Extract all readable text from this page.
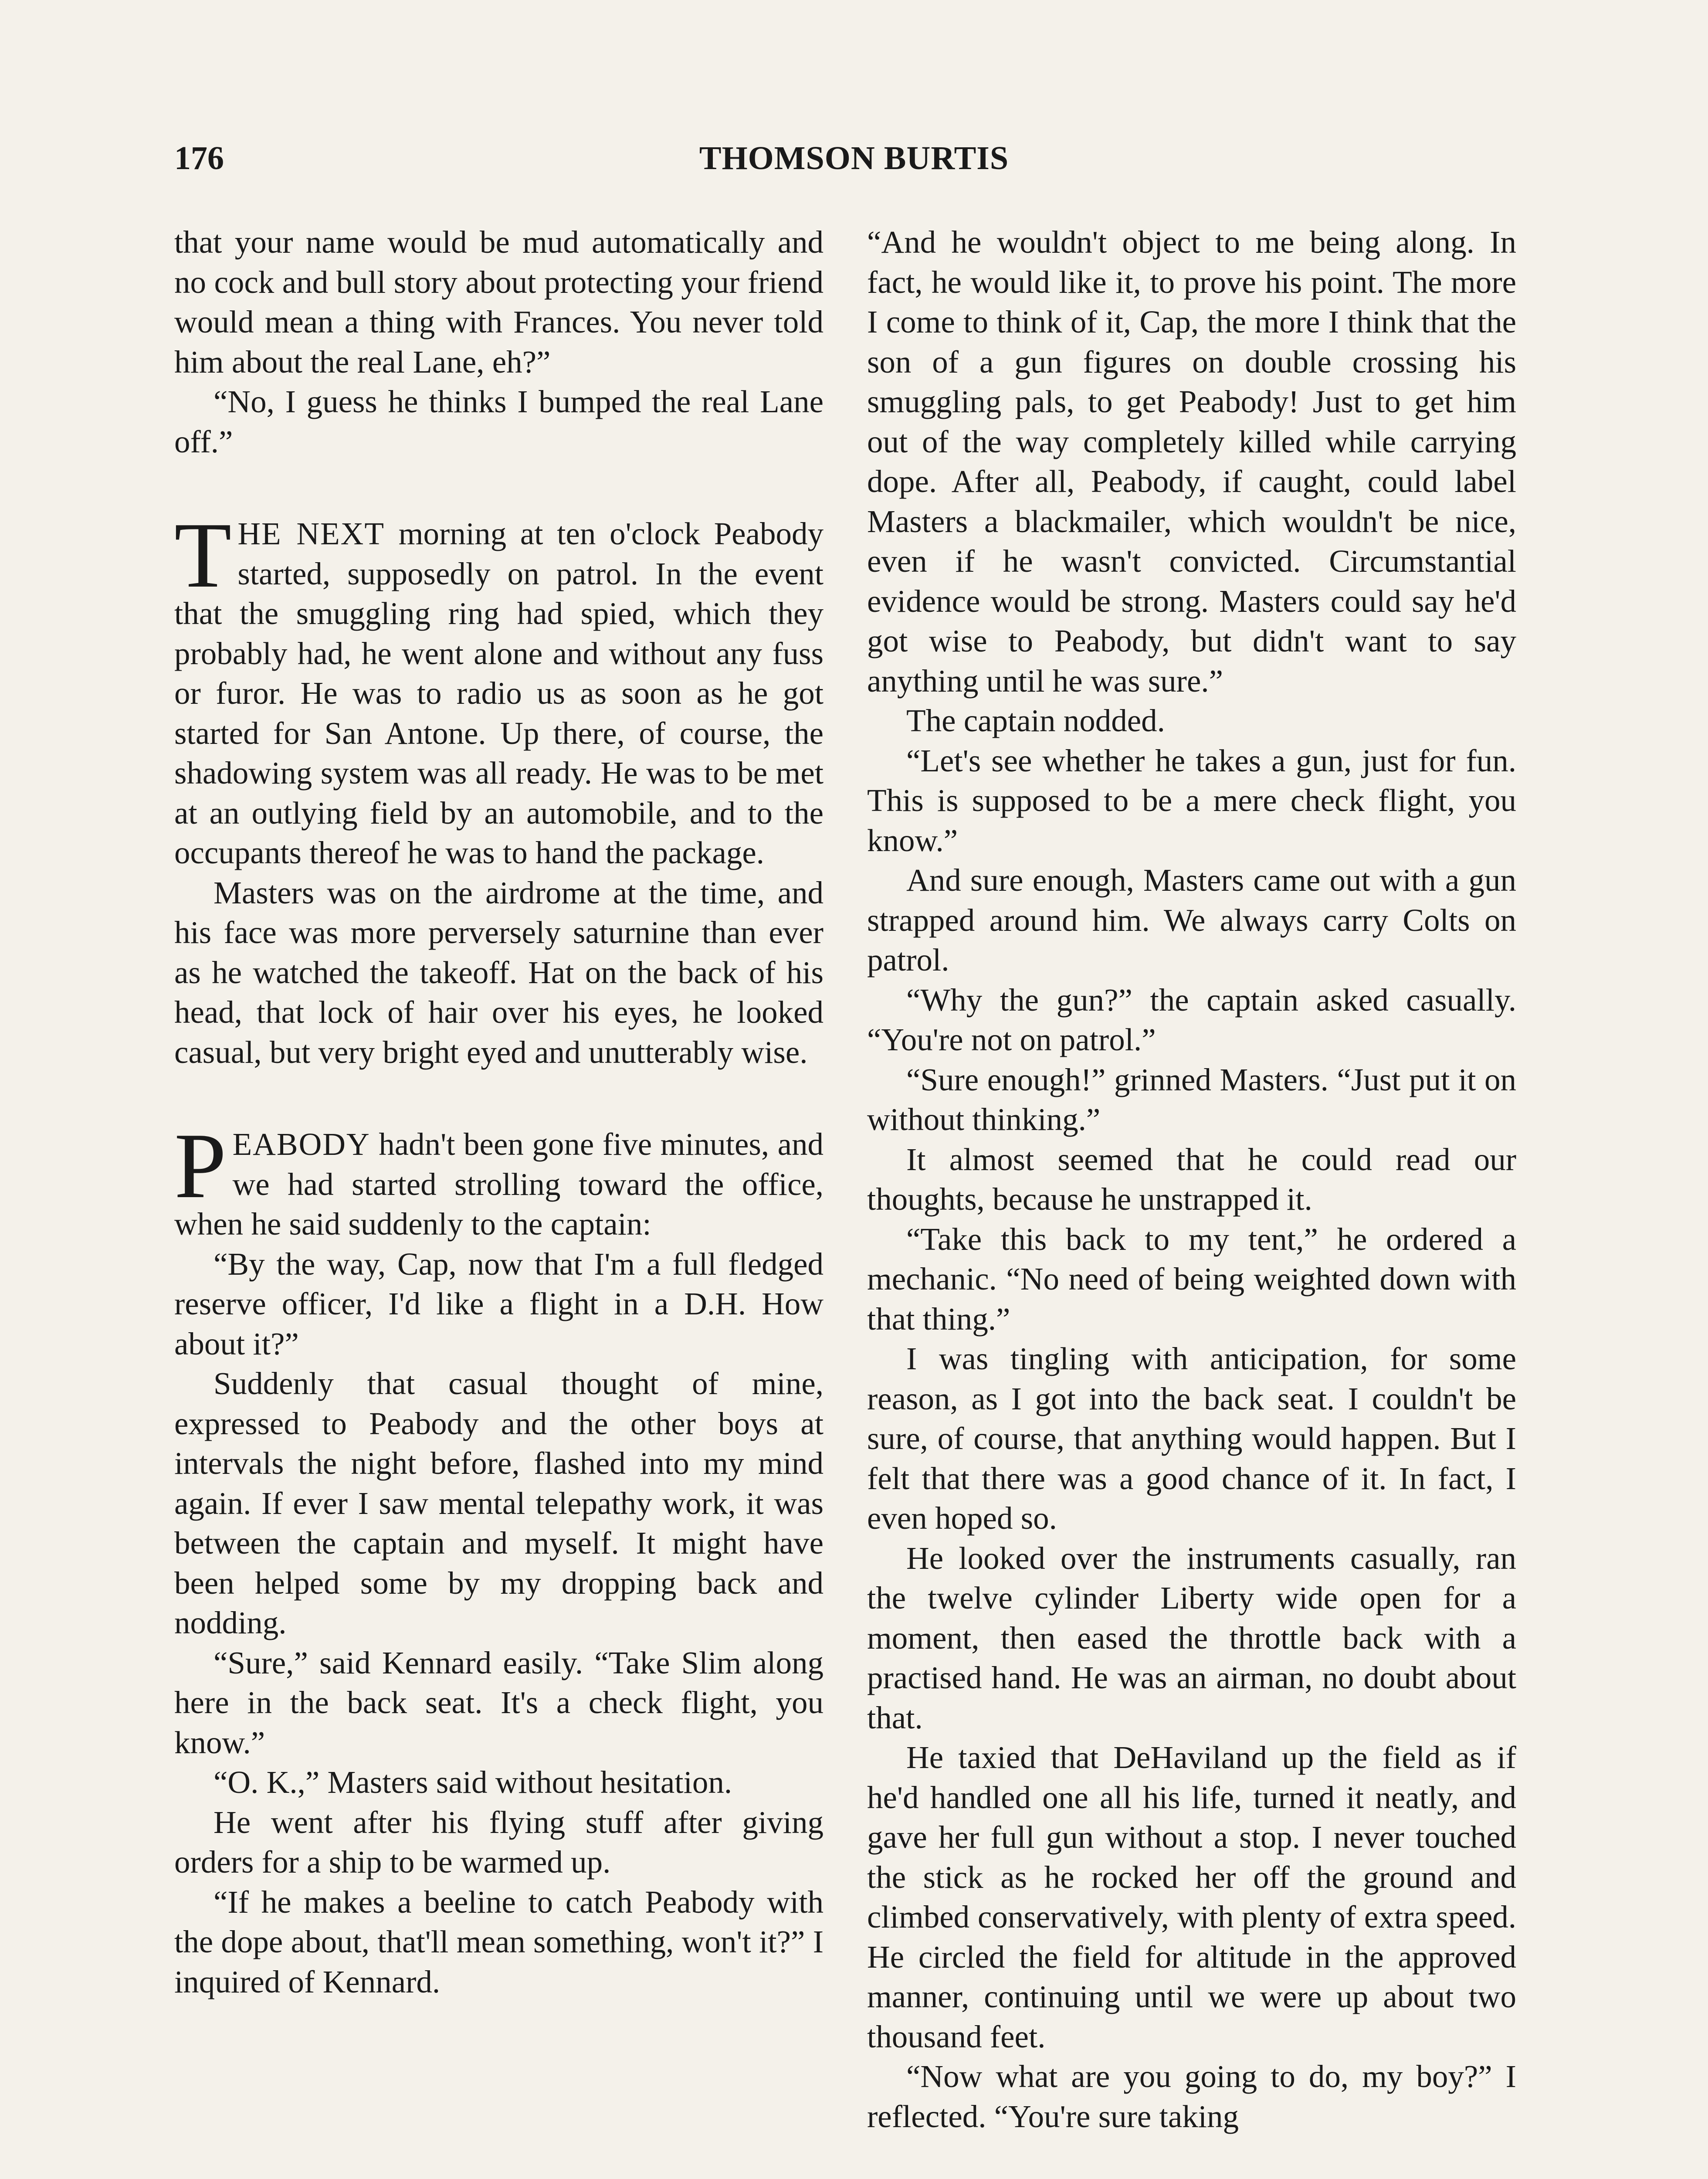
176	THOMSON BURTIS

that your name would be mud automatically and no cock and bull story about protecting your friend would mean a thing with Frances. You never told him about the real Lane, eh?”

“No, I guess he thinks I bumped the real Lane off.”

THE NEXT morning at ten o'clock Peabody started, supposedly on patrol. In the event that the smuggling ring had spied, which they probably had, he went alone and without any fuss or furor. He was to radio us as soon as he got started for San Antone. Up there, of course, the shadowing system was all ready. He was to be met at an outlying field by an automobile, and to the occupants thereof he was to hand the package.

Masters was on the airdrome at the time, and his face was more perversely saturnine than ever as he watched the takeoff. Hat on the back of his head, that lock of hair over his eyes, he looked casual, but very bright eyed and unutterably wise.

PEABODY hadn't been gone five minutes, and we had started strolling toward the office, when he said suddenly to the captain:

“By the way, Cap, now that I'm a full fledged reserve officer, I'd like a flight in a D.H. How about it?”

Suddenly that casual thought of mine, expressed to Peabody and the other boys at intervals the night before, flashed into my mind again. If ever I saw mental telepathy work, it was between the captain and myself. It might have been helped some by my dropping back and nodding.

“Sure,” said Kennard easily. “Take Slim along here in the back seat. It's a check flight, you know.”

“O. K.,” Masters said without hesitation.

He went after his flying stuff after giving orders for a ship to be warmed up.

“If he makes a beeline to catch Peabody with the dope about, that'll mean something, won't it?” I inquired of Kennard.

“And he wouldn't object to me being along. In fact, he would like it, to prove his point. The more I come to think of it, Cap, the more I think that the son of a gun figures on double crossing his smuggling pals, to get Peabody! Just to get him out of the way completely killed while carrying dope. After all, Peabody, if caught, could label Masters a blackmailer, which wouldn't be nice, even if he wasn't convicted. Circumstantial evidence would be strong. Masters could say he'd got wise to Peabody, but didn't want to say anything until he was sure.”

The captain nodded.

“Let's see whether he takes a gun, just for fun. This is supposed to be a mere check flight, you know.”

And sure enough, Masters came out with a gun strapped around him. We always carry Colts on patrol.

“Why the gun?” the captain asked casually. “You're not on patrol.”

“Sure enough!” grinned Masters. “Just put it on without thinking.”

It almost seemed that he could read our thoughts, because he unstrapped it.

“Take this back to my tent,” he ordered a mechanic. “No need of being weighted down with that thing.”

I was tingling with anticipation, for some reason, as I got into the back seat. I couldn't be sure, of course, that anything would happen. But I felt that there was a good chance of it. In fact, I even hoped so.

He looked over the instruments casually, ran the twelve cylinder Liberty wide open for a moment, then eased the throttle back with a practised hand. He was an airman, no doubt about that.

He taxied that DeHaviland up the field as if he'd handled one all his life, turned it neatly, and gave her full gun without a stop. I never touched the stick as he rocked her off the ground and climbed conservatively, with plenty of extra speed. He circled the field for altitude in the approved manner, continuing until we were up about two thousand feet.

“Now what are you going to do, my boy?” I reflected. “You're sure taking
